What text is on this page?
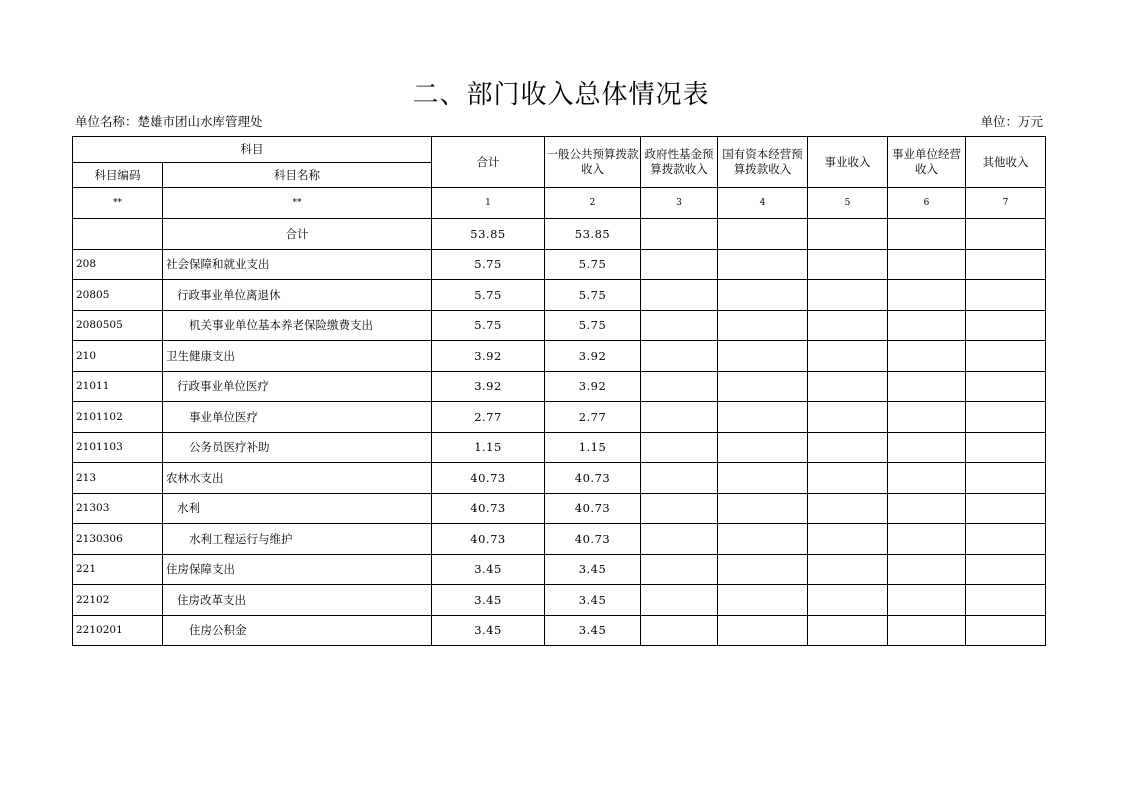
二、部门收入总体情况表
单位名称：楚雄市团山水库管理处	单位：万元
科目		合计	一般公共预算拨款收入	政府性基金预算拨款收入	国有资本经营预算拨款收入	事业收入	事业单位经营收入	其他收入
科目编码	科目名称							
**	**	1	2	3	4	5	6	7
	合计	53.85	53.85					
208	社会保障和就业支出	5.75	5.75					
20805	行政事业单位离退休	5.75	5.75					
2080505	机关事业单位基本养老保险缴费支出	5.75	5.75					
210	卫生健康支出	3.92	3.92					
21011	行政事业单位医疗	3.92	3.92					
2101102	事业单位医疗	2.77	2.77					
2101103	公务员医疗补助	1.15	1.15					
213	农林水支出	40.73	40.73					
21303	水利	40.73	40.73					
2130306	水利工程运行与维护	40.73	40.73					
221	住房保障支出	3.45	3.45					
22102	住房改革支出	3.45	3.45					
2210201	住房公积金	3.45	3.45					
